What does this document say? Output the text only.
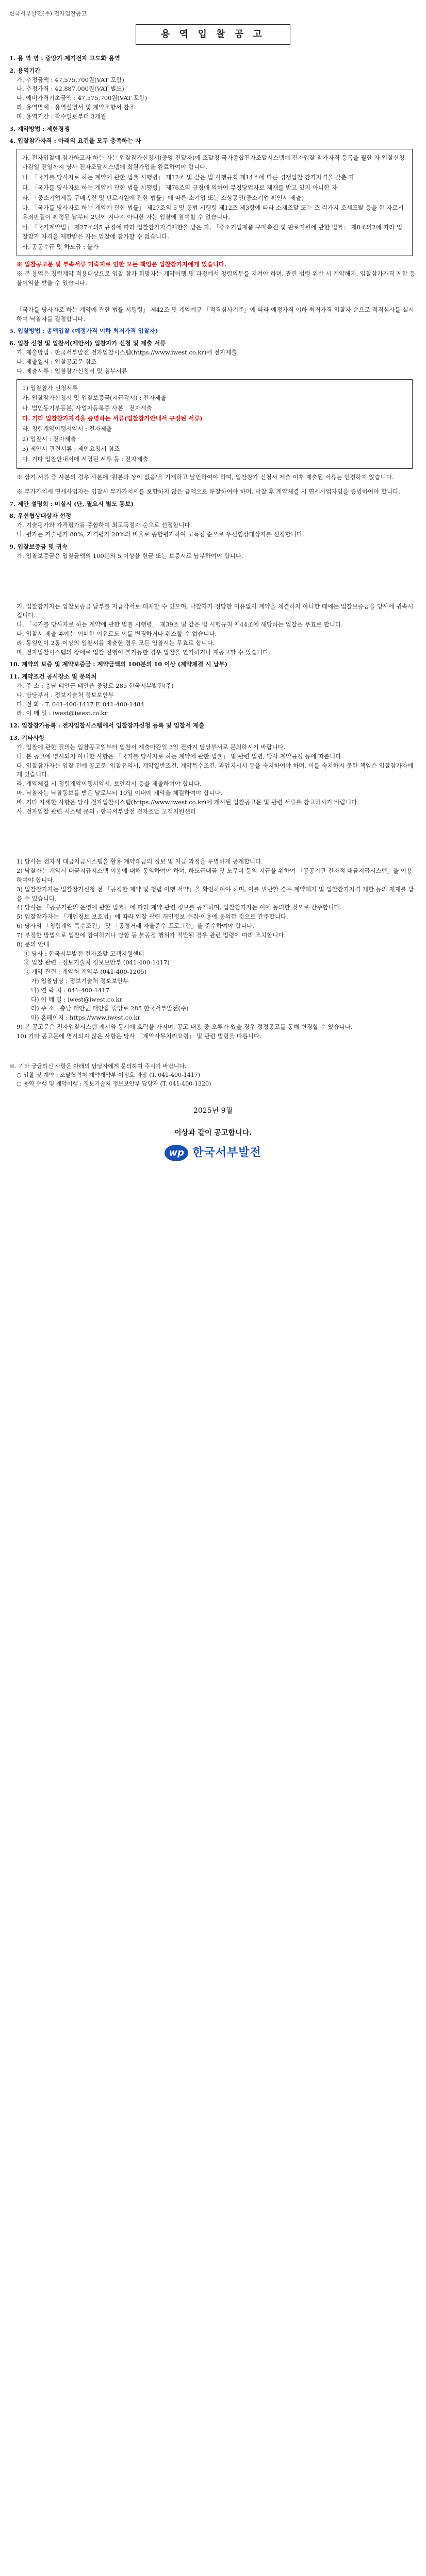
한국서부발전(주) 전자입찰공고
용 역 입 찰 공 고
1. 용 역 명 : 중앙기 계기전자 고도화 용역
2. 용역기간
가. 추정금액 : 47,575,700원(VAT 포함)
나. 추정가격 : 42,887,000원(VAT 별도)
다. 예비가격기초금액 : 47,575,700원(VAT 포함)
라. 용역명세 : 용역설명서 및 계약조항서 참조
마. 용역기간 : 착수일로부터 3개월
3. 계약방법 : 제한경쟁
4. 입찰참가자격 : 아래의 요건을 모두 충족하는 자

가. 전자입찰에 참가하고자 하는 자는 입찰참가신청서(중앙 전달자)에 조달청 국가종합전자조달시스템에 전자입찰 참가자격 등록을 필한 자 입찰신청마감일 전일까지 당사 전자조달시스템에 회원가입을 완료하여야 합니다.

나. 「국가를 당사자로 하는 계약에 관한 법률 시행령」 제12조 및 같은 법 시행규칙 제14조에 따른 경쟁입찰 참가자격을 갖춘 자

다. 「국가를 당사자로 하는 계약에 관한 법률 시행령」 제76조의 규정에 의하여 부정당업자로 제재를 받고 있지 아니한 자

라. 「중소기업제품 구매촉진 및 판로지원에 관한 법률」에 따른 소기업 또는 소상공인(중소기업 확인서 제출)

마. 「국가를 당사자로 하는 계약에 관한 법률」 제27조의 5 및 동법 시행령 제12조 제3항에 따라 소재조달 또는 조 리가지 조세포탈 등을 한 자로서 유죄판결이 확정된 날부터 2년이 지나지 아니한 자는 입찰에 참여할 수 없습니다.

바. 「국가계약법」 제27조의5 규정에 따라 입찰참가자격제한을 받은 자, 「중소기업제품 구매촉진 및 판로지원에 관한 법률」 제8조의2에 따라 입찰참가 자격을 제한받은 자는 입찰에 참가할 수 없습니다.

사. 공동수급 및 하도급 : 불가

※ 입찰공고문 및 부속서류 미숙지로 인한 모든 책임은 입찰참가자에게 있습니다.
※ 본 용역은 청렴계약 적용대상으로 입찰 참가 희망자는 계약이행 및 과정에서 청렴의무를 지켜야 하며, 관련 법령 위반 시 계약해지, 입찰참가자격 제한 등 불이익을 받을 수 있습니다.
「국가를 당사자로 하는 계약에 관한 법률 시행령」 제42조 및 계약예규 「적격심사기준」에 따라 예정가격 이하 최저가격 입찰자 순으로 적격심사를 실시하여 낙찰자를 결정합니다.
5. 입찰방법 : 총액입찰 (예정가격 이하 최저가격 입찰자)
6. 입찰 신청 및 입찰서(제안서) 입찰자가 신청 및 제출 서류
가. 제출방법 : 한국서부발전 전자입찰시스템(https://www.iwest.co.kr)에 전자제출
나. 제출일시 : 입찰공고문 참조
다. 제출서류 : 입찰참가신청서 및 첨부서류

1) 입찰참가 신청서류

가. 입찰참가신청서 및 입찰보증금(지급각서) : 전자제출

나. 법인등기부등본, 사업자등록증 사본 : 전자제출

다. 기타 입찰참가자격을 증명하는 서류(입찰참가안내서 규정된 서류)

라. 청렴계약이행서약서 : 전자제출

2) 입찰서 : 전자제출

3) 제안서 관련서류 : 제안요청서 참조

마. 기타 입찰안내서에 서명된 서류 등 : 전자제출

※ 상기 서류 중 사본의 경우 사본에 '원본과 상이 없음'을 기재하고 날인하여야 하며, 입찰참가 신청서 제출 이후 제출된 서류는 인정하지 않습니다.
※ 부가가치세 면세사업자는 입찰시 부가가치세를 포함하지 않은 금액으로 투찰하여야 하며, 낙찰 후 계약체결 시 면세사업자임을 증빙하여야 합니다.
7. 제안 설명회 : 미실시 (단, 필요시 별도 통보)
8. 우선협상대상자 선정
가. 기술평가와 가격평가를 종합하여 최고득점자 순으로 선정합니다.
나. 평가는 기술평가 80%, 가격평가 20%의 비율로 종합평가하여 고득점 순으로 우선협상대상자를 선정합니다.
9. 입찰보증금 및 귀속
가. 입찰보증금은 입찰금액의 100분의 5 이상을 현금 또는 보증서로 납부하여야 합니다.
기. 입찰참가자는 입찰보증금 납부를 지급각서로 대체할 수 있으며, 낙찰자가 정당한 이유없이 계약을 체결하지 아니한 때에는 입찰보증금을 당사에 귀속시킵니다.
나. 「국가를 당사자로 하는 계약에 관한 법률 시행령」 제39조 및 같은 법 시행규칙 제44조에 해당하는 입찰은 무효로 합니다.
다. 입찰서 제출 후에는 어떠한 이유로도 이를 변경하거나 취소할 수 없습니다.
라. 동일인이 2통 이상의 입찰서를 제출한 경우 모든 입찰서는 무효로 합니다.
마. 전자입찰시스템의 장애로 입찰 진행이 불가능한 경우 입찰을 연기하거나 재공고할 수 있습니다.
10. 계약의 보증 및 계약보증금 : 계약금액의 100분의 10 이상 (계약체결 시 납부)
11. 계약조건 공시장소 및 문의처
가. 주 소 : 충남 태안군 태안읍 중앙로 285 한국서부발전(주)
나. 담당부서 : 정보기술처 정보보안부
다. 전 화 : T. 041-400-1417 F. 041-400-1484
라. 이 메 일 : iwest@iwest.co.kr
12. 입찰참가등록 : 전자입찰시스템에서 입찰참가신청 등록 및 입찰서 제출
13. 기타사항
가. 입찰에 관한 질의는 입찰공고일부터 입찰서 제출마감일 3일 전까지 담당부서로 문의하시기 바랍니다.
나. 본 공고에 명시되지 아니한 사항은 「국가를 당사자로 하는 계약에 관한 법률」 및 관련 법령, 당사 계약규정 등에 따릅니다.
다. 입찰참가자는 입찰 전에 공고문, 입찰유의서, 계약일반조건, 계약특수조건, 과업지시서 등을 숙지하여야 하며, 이를 숙지하지 못한 책임은 입찰참가자에게 있습니다.
라. 계약체결 시 청렴계약이행서약서, 보안각서 등을 제출하여야 합니다.
마. 낙찰자는 낙찰통보를 받은 날로부터 10일 이내에 계약을 체결하여야 합니다.
바. 기타 자세한 사항은 당사 전자입찰시스템(https://www.iwest.co.kr)에 게시된 입찰공고문 및 관련 서류를 참고하시기 바랍니다.
사. 전자입찰 관련 시스템 문의 : 한국서부발전 전자조달 고객지원센터
1) 당사는 전자적 대금지급시스템을 활용 계약대금의 정보 및 지급 과정을 투명하게 공개합니다.
2) 낙찰자는 계약시 대금지급시스템 이용에 대해 동의하여야 하며, 하도급대금 및 노무비 등의 지급을 위하여 「공공기관 전자적 대금지급시스템」을 이용하여야 합니다.
3) 입찰참가자는 입찰참가신청 전 「공정한 계약 및 청렴 이행 서약」을 확인하여야 하며, 이를 위반할 경우 계약해지 및 입찰참가자격 제한 등의 제재를 받을 수 있습니다.
4) 당사는 「공공기관의 운영에 관한 법률」에 따라 계약 관련 정보를 공개하며, 입찰참가자는 이에 동의한 것으로 간주합니다.
5) 입찰참가자는 「개인정보 보호법」에 따라 입찰 관련 개인정보 수집·이용에 동의한 것으로 간주합니다.
6) 당사의 「청렴계약 특수조건」 및 「공정거래 자율준수 프로그램」을 준수하여야 합니다.
7) 부정한 방법으로 입찰에 참여하거나 담합 등 불공정 행위가 적발될 경우 관련 법령에 따라 조치합니다.
8) 문의 안내
① 당사 : 한국서부발전 전자조달 고객지원센터
② 입찰 관련 : 정보기술처 정보보안부 (041-400-1417)
③ 계약 관련 : 계약처 계약부 (041-400-1205)
가) 입찰담당 : 정보기술처 정보보안부
나) 연 락 처 : 041-400-1417
다) 이 메 일 : iwest@iwest.co.kr
라) 주 소 : 충남 태안군 태안읍 중앙로 285 한국서부발전(주)
마) 홈페이지 : https://www.iwest.co.kr
9) 본 공고문은 전자입찰시스템 게시와 동시에 효력을 가지며, 공고 내용 중 오류가 있을 경우 정정공고를 통해 변경할 수 있습니다.
10) 기타 공고문에 명시되지 않은 사항은 당사 「계약사무처리요령」 및 관련 법령을 따릅니다.
※. 기타 궁금하신 사항은 아래의 담당자에게 문의하여 주시기 바랍니다.
○ 입찰 및 계약 : 조달협력처 계약계약부 이정호 과장 (T. 041-400-1417)
○ 용역 수행 및 계약이행 : 정보기술처 정보보안부 담당자 (T. 041-400-1320)
2025년 9월
이상과 같이 공고합니다.
wp 한국서부발전
